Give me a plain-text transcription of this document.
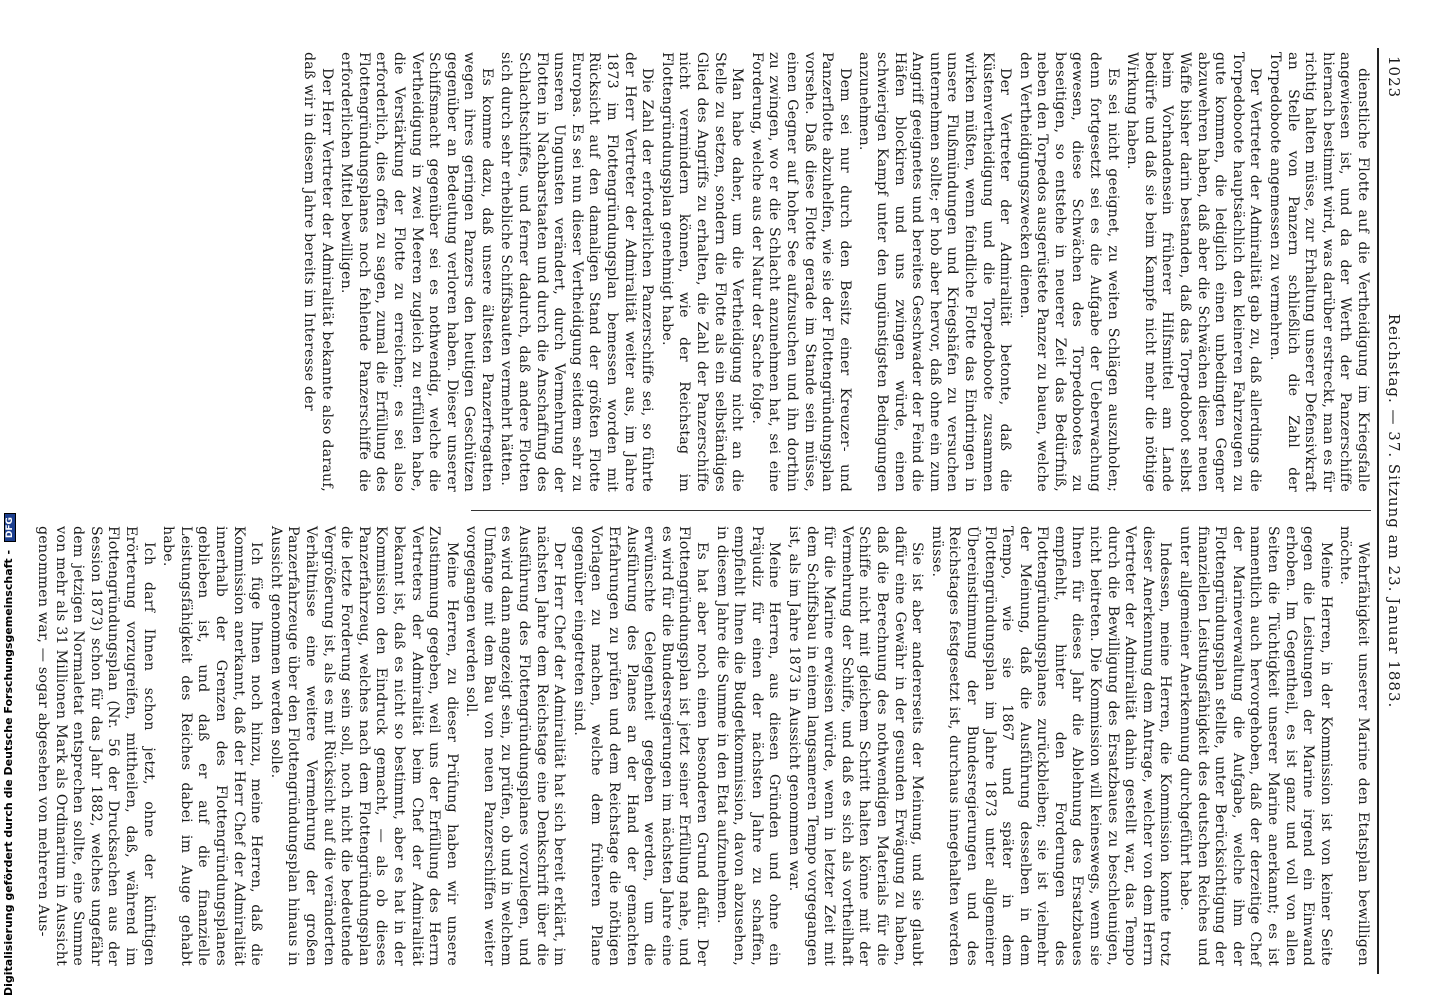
Digitalisierung gefördert durch die Deutsche Forschungsgemeinschaft - DFG
1023
Reichstag. — 37. Sitzung am 23. Januar 1883.

dienstliche Flotte auf die Vertheidigung im Kriegsfalle angewiesen ist, und da der Werth der Panzerschiffe hiernach bestimmt wird, was darüber erstreckt, man es für richtig halten müsse, zur Erhaltung unserer Defensivkraft an Stelle von Panzern schließlich die Zahl der Torpedoboote angemessen zu vermehren.

Der Vertreter der Admiralität gab zu, daß allerdings die Torpedoboote hauptsächlich den kleineren Fahrzeugen zu gute kommen, die lediglich einen unbedingten Gegner abzuwehren haben, daß aber die Schwächen dieser neuen Waffe bisher darin bestanden, daß das Torpedoboot selbst beim Vorhandensein früherer Hilfsmittel am Lande bedürfe und daß sie beim Kampfe nicht mehr die nöthige Wirkung haben.

Es sei nicht geeignet, zu weiten Schlägen auszuholen; denn fortgesetzt sei es die Aufgabe der Ueberwachung gewesen, diese Schwächen des Torpedobootes zu beseitigen, so entstehe in neuerer Zeit das Bedürfniß, neben den Torpedos ausgerüstete Panzer zu bauen, welche den Vertheidigungszwecken dienen.

Der Vertreter der Admiralität betonte, daß die Küstenvertheidigung und die Torpedoboote zusammen wirken müßten, wenn feindliche Flotte das Eindringen in unsere Flußmündungen und Kriegshäfen zu versuchen unternehmen sollte; er hob aber hervor, daß ohne ein zum Angriff geeignetes und bereites Geschwader der Feind die Häfen blockiren und uns zwingen würde, einen schwierigen Kampf unter den ungünstigsten Bedingungen anzunehmen.

Dem sei nur durch den Besitz einer Kreuzer- und Panzerflotte abzuhelfen, wie sie der Flottengründungsplan vorsehe. Daß diese Flotte gerade im Stande sein müsse, einen Gegner auf hoher See aufzusuchen und ihn dorthin zu zwingen, wo er die Schlacht anzunehmen hat, sei eine Forderung, welche aus der Natur der Sache folge.

Man habe daher, um die Vertheidigung nicht an die Stelle zu setzen, sondern die Flotte als ein selbständiges Glied des Angriffs zu erhalten, die Zahl der Panzerschiffe nicht vermindern können, wie der Reichstag im Flottengründungsplan genehmigt habe.

Die Zahl der erforderlichen Panzerschiffe sei, so führte der Herr Vertreter der Admiralität weiter aus, im Jahre 1873 im Flottengründungsplan bemessen worden mit Rücksicht auf den damaligen Stand der größten Flotte Europas. Es sei nun dieser Vertheidigung seitdem sehr zu unseren Ungunsten verändert, durch Vermehrung der Flotten in Nachbarstaaten und durch die Anschaffung des Schlachtschiffes, und ferner dadurch, daß andere Flotten sich durch sehr erhebliche Schiffsbauten vermehrt hätten.

Es komme dazu, daß unsere ältesten Panzerfregatten wegen ihres geringen Panzers den heutigen Geschützen gegenüber an Bedeutung verloren haben. Dieser unserer Schiffsmacht gegenüber sei es nothwendig, welche die Vertheidigung in zwei Meeren zugleich zu erfüllen habe, die Verstärkung der Flotte zu erreichen; es sei also erforderlich, dies offen zu sagen, zumal die Erfüllung des Flottengründungsplanes noch fehlende Panzerschiffe die erforderlichen Mittel bewilligen.

Der Herr Vertreter der Admiralität bekannte also darauf, daß wir in diesem Jahre bereits im Interesse der

Wehrfähigkeit unserer Marine den Etatsplan bewilligen möchte.

Meine Herren, in der Kommission ist von keiner Seite gegen die Leistungen der Marine irgend ein Einwand erhoben. Im Gegentheil, es ist ganz und voll von allen Seiten die Tüchtigkeit unserer Marine anerkannt; es ist namentlich auch hervorgehoben, daß der derzeitige Chef der Marineverwaltung die Aufgabe, welche ihm der Flottengründungsplan stellte, unter Berücksichtigung der finanziellen Leistungsfähigkeit des deutschen Reiches und unter allgemeiner Anerkennung durchgeführt habe.

Indessen, meine Herren, die Kommission konnte trotz dieser Anerkennung dem Antrage, welcher von dem Herrn Vertreter der Admiralität dahin gestellt war, das Tempo durch die Bewilligung des Ersatzbaues zu beschleunigen, nicht beitreten. Die Kommission will keineswegs, wenn sie Ihnen für dieses Jahr die Ablehnung des Ersatzbaues empfiehlt, hinter den Forderungen des Flottengründungsplanes zurückbleiben; sie ist vielmehr der Meinung, daß die Ausführung desselben in dem Tempo, wie sie 1867 und später in dem Flottengründungsplan im Jahre 1873 unter allgemeiner Übereinstimmung der Bundesregierungen und des Reichstages festgesetzt ist, durchaus innegehalten werden müsse.

Sie ist aber andererseits der Meinung, und sie glaubt dafür eine Gewähr in der gesunden Erwägung zu haben, daß die Berechnung des nothwendigen Materials für die Schiffe nicht mit gleichem Schritt halten könne mit der Vermehrung der Schiffe, und daß es sich als vortheilhaft für die Marine erweisen würde, wenn in letzter Zeit mit dem Schiffsbau in einem langsameren Tempo vorgegangen ist, als im Jahre 1873 in Aussicht genommen war.

Meine Herren, aus diesen Gründen und ohne ein Präjudiz für einen der nächsten Jahre zu schaffen, empfiehlt Ihnen die Budgetkommission, davon abzusehen, in diesem Jahre die Summe in den Etat aufzunehmen.

Es hat aber noch einen besonderen Grund dafür. Der Flottengründungsplan ist jetzt seiner Erfüllung nahe, und es wird für die Bundesregierungen im nächsten Jahre eine erwünschte Gelegenheit gegeben werden, um die Ausführung des Planes an der Hand der gemachten Erfahrungen zu prüfen und dem Reichstage die nöthigen Vorlagen zu machen, welche dem früheren Plane gegenüber eingetreten sind.

Der Herr Chef der Admiralität hat sich bereit erklärt, im nächsten Jahre dem Reichstage eine Denkschrift über die Ausführung des Flottengründungsplanes vorzulegen, und es wird dann angezeigt sein, zu prüfen, ob und in welchem Umfange mit dem Bau von neuen Panzerschiffen weiter vorgegangen werden soll.

Meine Herren, zu dieser Prüfung haben wir unsere Zustimmung gegeben, weil uns der Erfüllung des Herrn Vertreters der Admiralität beim Chef der Admiralität bekannt ist, daß es nicht so bestimmt, aber es hat in der Kommission den Eindruck gemacht, — als ob dieses Panzerfahrzeug, welches nach dem Flottengründungsplan die letzte Forderung sein soll, noch nicht die bedeutende Vergrößerung ist, als es mit Rücksicht auf die veränderten Verhältnisse eine weitere Vermehrung der großen Panzerfahrzeuge über den Flottengründungsplan hinaus in Aussicht genommen werden solle.

Ich füge Ihnen noch hinzu, meine Herren, daß die Kommission anerkannt, daß der Herr Chef der Admiralität innerhalb der Grenzen des Flottengründungsplanes geblieben ist, und daß er auf die finanzielle Leistungsfähigkeit des Reiches dabei im Auge gehabt habe.

Ich darf Ihnen schon jetzt, ohne der künftigen Erörterung vorzugreifen, mittheilen, daß, während im Flottengründungsplan (Nr. 56 der Drucksachen aus der Session 1873) schon für das Jahr 1882, welches ungefähr dem jetzigen Normaletat entsprechen sollte, eine Summe von mehr als 31 Millionen Mark als Ordinarium in Aussicht genommen war, — sogar abgesehen von mehreren Aus-
